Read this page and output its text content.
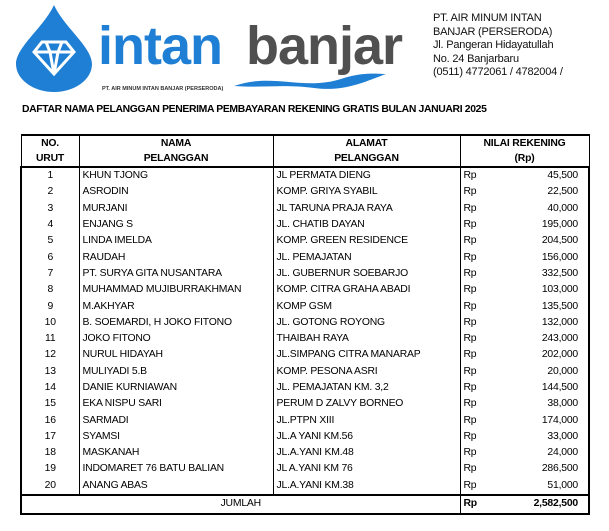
intan banjar
PT. AIR MINUM INTAN BANJAR (PERSERODA)
PT. AIR MINUM INTAN
BANJAR (PERSERODA)
Jl. Pangeran Hidayatullah
No. 24 Banjarbaru
(0511) 4772061 / 4782004 /
DAFTAR NAMA PELANGGAN PENERIMA PEMBAYARAN REKENING GRATIS BULAN JANUARI 2025
NO.	NAMA	ALAMAT	NILAI REKENING	
URUT	PELANGGAN	PELANGGAN	(Rp)	
1	KHUN TJONG	JL PERMATA DIENG	Rp	45,500
2	ASRODIN	KOMP. GRIYA SYABIL	Rp	22,500
3	MURJANI	JL TARUNA PRAJA RAYA	Rp	40,000
4	ENJANG S	JL. CHATIB DAYAN	Rp	195,000
5	LINDA IMELDA	KOMP. GREEN RESIDENCE	Rp	204,500
6	RAUDAH	JL. PEMAJATAN	Rp	156,000
7	PT. SURYA GITA NUSANTARA	JL. GUBERNUR SOEBARJO	Rp	332,500
8	MUHAMMAD MUJIBURRAKHMAN	KOMP. CITRA GRAHA ABADI	Rp	103,000
9	M.AKHYAR	KOMP GSM	Rp	135,500
10	B. SOEMARDI, H JOKO FITONO	JL. GOTONG ROYONG	Rp	132,000
11	JOKO FITONO	THAIBAH RAYA	Rp	243,000
12	NURUL HIDAYAH	JL.SIMPANG CITRA MANARAP	Rp	202,000
13	MULIYADI 5.B	KOMP. PESONA ASRI	Rp	20,000
14	DANIE KURNIAWAN	JL. PEMAJATAN KM. 3,2	Rp	144,500
15	EKA NISPU SARI	PERUM D ZALVY BORNEO	Rp	38,000
16	SARMADI	JL.PTPN XIII	Rp	174,000
17	SYAMSI	JL.A YANI KM.56	Rp	33,000
18	MASKANAH	JL.A.YANI KM.48	Rp	24,000
19	INDOMARET 76 BATU BALIAN	JL A.YANI KM 76	Rp	286,500
20	ANANG ABAS	JL.A.YANI KM.38	Rp	51,000
JUMLAH			Rp	2,582,500
